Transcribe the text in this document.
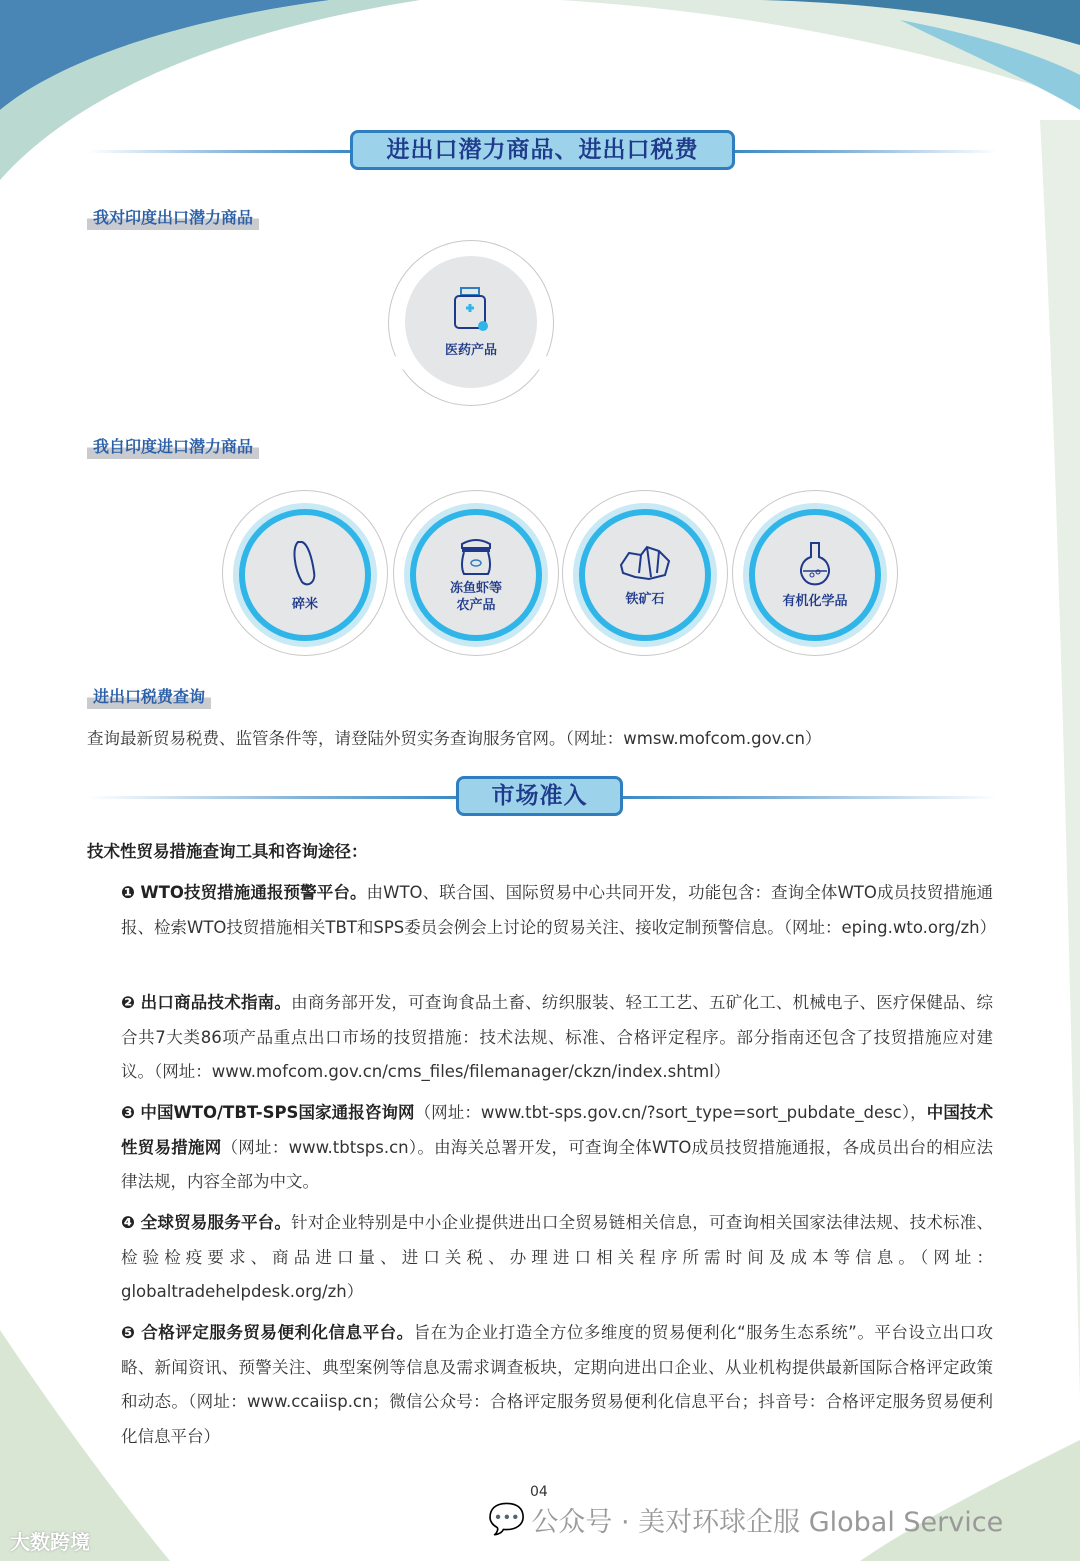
进出口潜力商品、进出口税费
我对印度出口潜力商品
医药产品
我自印度进口潜力商品
碎米
冻鱼虾等
农产品	铁矿石	有机化学品
进出口税费查询

查询最新贸易税费、监管条件等，请登陆外贸实务查询服务官网。（网址：wmsw.mofcom.gov.cn）

市场准入

技术性贸易措施查询工具和咨询途径：

❶ WTO技贸措施通报预警平台。由WTO、联合国、国际贸易中心共同开发，功能包含：查询全体WTO成员技贸措施通报、检索WTO技贸措施相关TBT和SPS委员会例会上讨论的贸易关注、接收定制预警信息。（网址：eping.wto.org/zh）

❷ 出口商品技术指南。由商务部开发，可查询食品土畜、纺织服装、轻工工艺、五矿化工、机械电子、医疗保健品、综合共7大类86项产品重点出口市场的技贸措施：技术法规、标准、合格评定程序。部分指南还包含了技贸措施应对建议。（网址：www.mofcom.gov.cn/cms_files/filemanager/ckzn/index.shtml）

❸ 中国WTO/TBT-SPS国家通报咨询网（网址：www.tbt-sps.gov.cn/?sort_type=sort_pubdate_desc），中国技术性贸易措施网（网址：www.tbtsps.cn）。由海关总署开发，可查询全体WTO成员技贸措施通报，各成员出台的相应法律法规，内容全部为中文。

❹ 全球贸易服务平台。针对企业特别是中小企业提供进出口全贸易链相关信息，可查询相关国家法律法规、技术标准、检验检疫要求、商品进口量、进口关税、办理进口相关程序所需时间及成本等信息。（网址：globaltradehelpdesk.org/zh）

❺ 合格评定服务贸易便利化信息平台。旨在为企业打造全方位多维度的贸易便利化“服务生态系统”。平台设立出口攻略、新闻资讯、预警关注、典型案例等信息及需求调查板块，定期向进出口企业、从业机构提供最新国际合格评定政策和动态。（网址：www.ccaiisp.cn；微信公众号：合格评定服务贸易便利化信息平台；抖音号：合格评定服务贸易便利化信息平台）

04
💬 公众号 · 美对环球企服 Global Service
大数跨境
